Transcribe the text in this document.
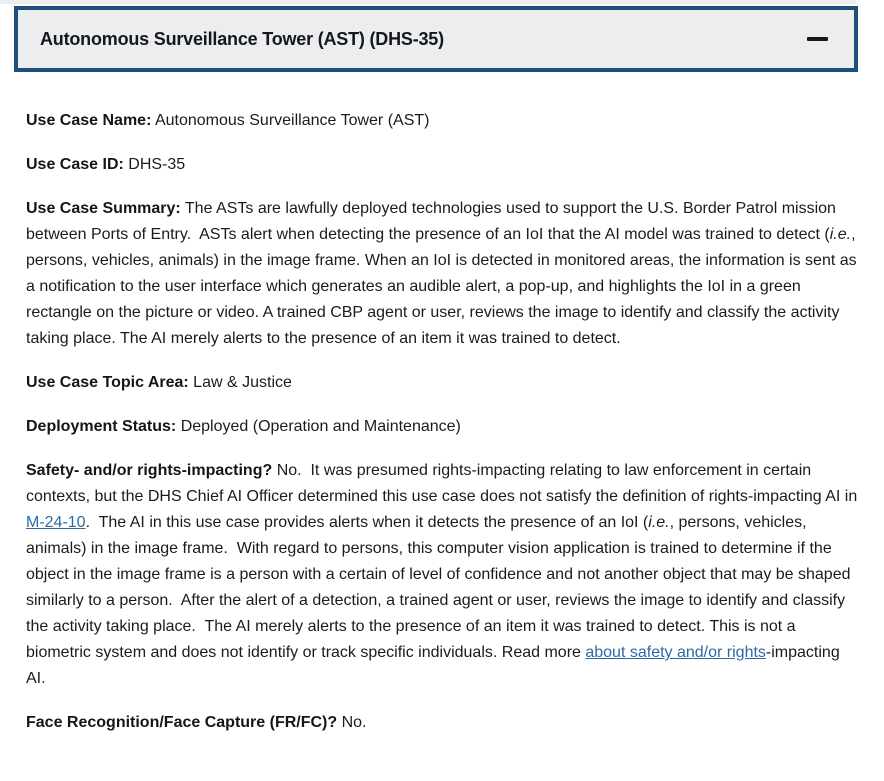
Autonomous Surveillance Tower (AST) (DHS-35)

Use Case Name: Autonomous Surveillance Tower (AST)

Use Case ID: DHS-35

Use Case Summary: The ASTs are lawfully deployed technologies used to support the U.S. Border Patrol mission between Ports of Entry.  ASTs alert when detecting the presence of an IoI that the AI model was trained to detect (i.e., persons, vehicles, animals) in the image frame. When an IoI is detected in monitored areas, the information is sent as a notification to the user interface which generates an audible alert, a pop-up, and highlights the IoI in a green rectangle on the picture or video. A trained CBP agent or user, reviews the image to identify and classify the activity taking place. The AI merely alerts to the presence of an item it was trained to detect.

Use Case Topic Area: Law & Justice

Deployment Status: Deployed (Operation and Maintenance)

Safety- and/or rights-impacting? No.  It was presumed rights-impacting relating to law enforcement in certain contexts, but the DHS Chief AI Officer determined this use case does not satisfy the definition of rights-impacting AI in M-24-10.  The AI in this use case provides alerts when it detects the presence of an IoI (i.e., persons, vehicles, animals) in the image frame.  With regard to persons, this computer vision application is trained to determine if the object in the image frame is a person with a certain of level of confidence and not another object that may be shaped similarly to a person.  After the alert of a detection, a trained agent or user, reviews the image to identify and classify the activity taking place.  The AI merely alerts to the presence of an item it was trained to detect. This is not a biometric system and does not identify or track specific individuals. Read more about safety and/or rights-impacting AI.

Face Recognition/Face Capture (FR/FC)? No.
